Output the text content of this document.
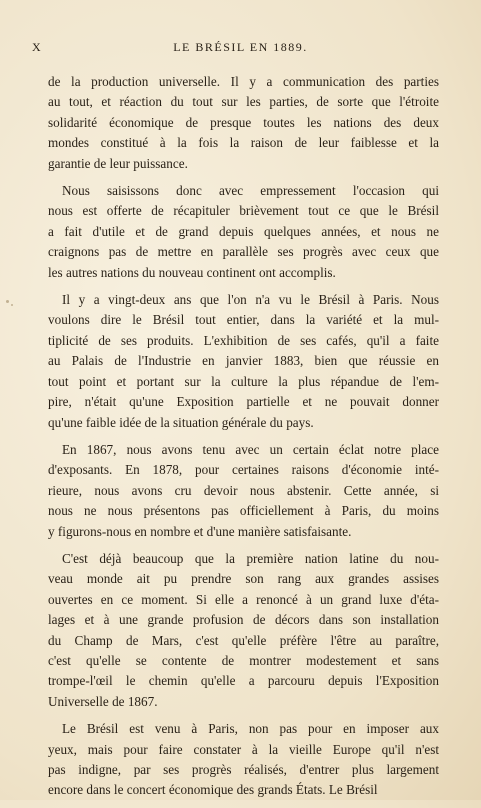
X	LE BRÉSIL EN 1889.
de la production universelle. Il y a communication des parties
au tout, et réaction du tout sur les parties, de sorte que l'étroite
solidarité économique de presque toutes les nations des deux
mondes constitué à la fois la raison de leur faiblesse et la
garantie de leur puissance.
Nous saisissons donc avec empressement l'occasion qui
nous est offerte de récapituler brièvement tout ce que le Brésil
a fait d'utile et de grand depuis quelques années, et nous ne
craignons pas de mettre en parallèle ses progrès avec ceux que
les autres nations du nouveau continent ont accomplis.
Il y a vingt-deux ans que l'on n'a vu le Brésil à Paris. Nous
voulons dire le Brésil tout entier, dans la variété et la mul-
tiplicité de ses produits. L'exhibition de ses cafés, qu'il a faite
au Palais de l'Industrie en janvier 1883, bien que réussie en
tout point et portant sur la culture la plus répandue de l'em-
pire, n'était qu'une Exposition partielle et ne pouvait donner
qu'une faible idée de la situation générale du pays.
En 1867, nous avons tenu avec un certain éclat notre place
d'exposants. En 1878, pour certaines raisons d'économie inté-
rieure, nous avons cru devoir nous abstenir. Cette année, si
nous ne nous présentons pas officiellement à Paris, du moins
y figurons-nous en nombre et d'une manière satisfaisante.
C'est déjà beaucoup que la première nation latine du nou-
veau monde ait pu prendre son rang aux grandes assises
ouvertes en ce moment. Si elle a renoncé à un grand luxe d'éta-
lages et à une grande profusion de décors dans son installation
du Champ de Mars, c'est qu'elle préfère l'être au paraître,
c'est qu'elle se contente de montrer modestement et sans
trompe-l'œil le chemin qu'elle a parcouru depuis l'Exposition
Universelle de 1867.
Le Brésil est venu à Paris, non pas pour en imposer aux
yeux, mais pour faire constater à la vieille Europe qu'il n'est
pas indigne, par ses progrès réalisés, d'entrer plus largement
encore dans le concert économique des grands États. Le Brésil
